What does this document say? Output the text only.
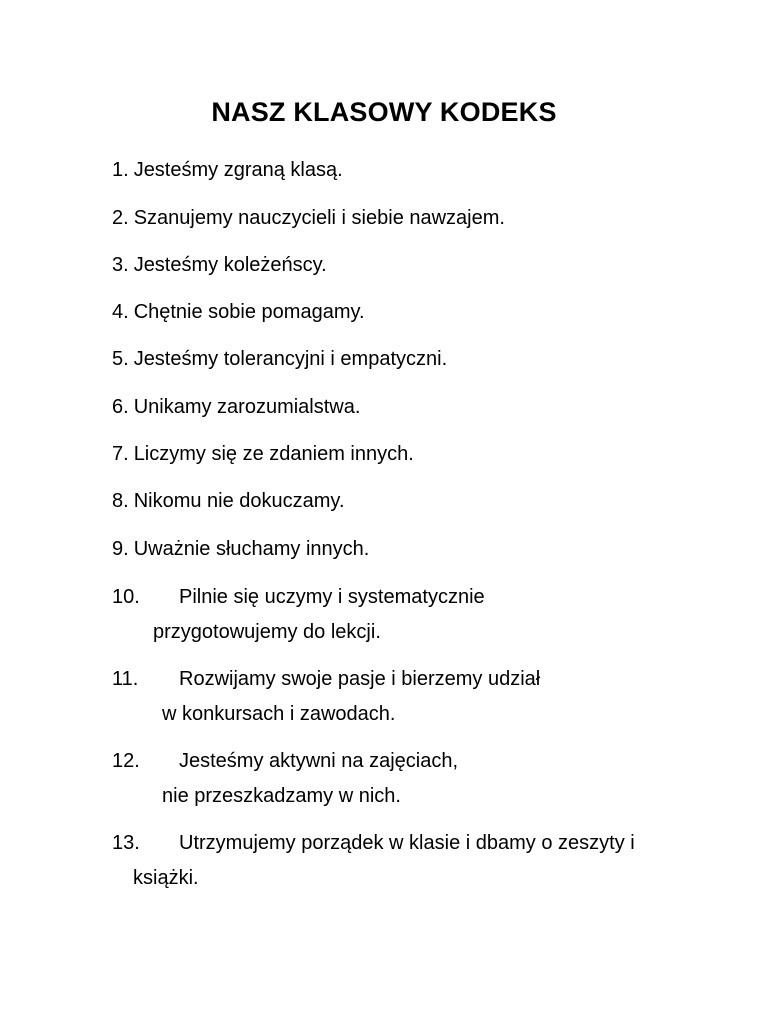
NASZ KLASOWY KODEKS
1. Jesteśmy zgraną klasą.
2. Szanujemy nauczycieli i siebie nawzajem.
3. Jesteśmy koleżeńscy.
4. Chętnie sobie pomagamy.
5. Jesteśmy tolerancyjni i empatyczni.
6. Unikamy zarozumialstwa.
7. Liczymy się ze zdaniem innych.
8. Nikomu nie dokuczamy.
9. Uważnie słuchamy innych.
10. Pilnie się uczymy i systematycznie
przygotowujemy do lekcji.
11. Rozwijamy swoje pasje i bierzemy udział
w konkursach i zawodach.
12. Jesteśmy aktywni na zajęciach,
nie przeszkadzamy w nich.
13. Utrzymujemy porządek w klasie i dbamy o zeszyty i
książki.
